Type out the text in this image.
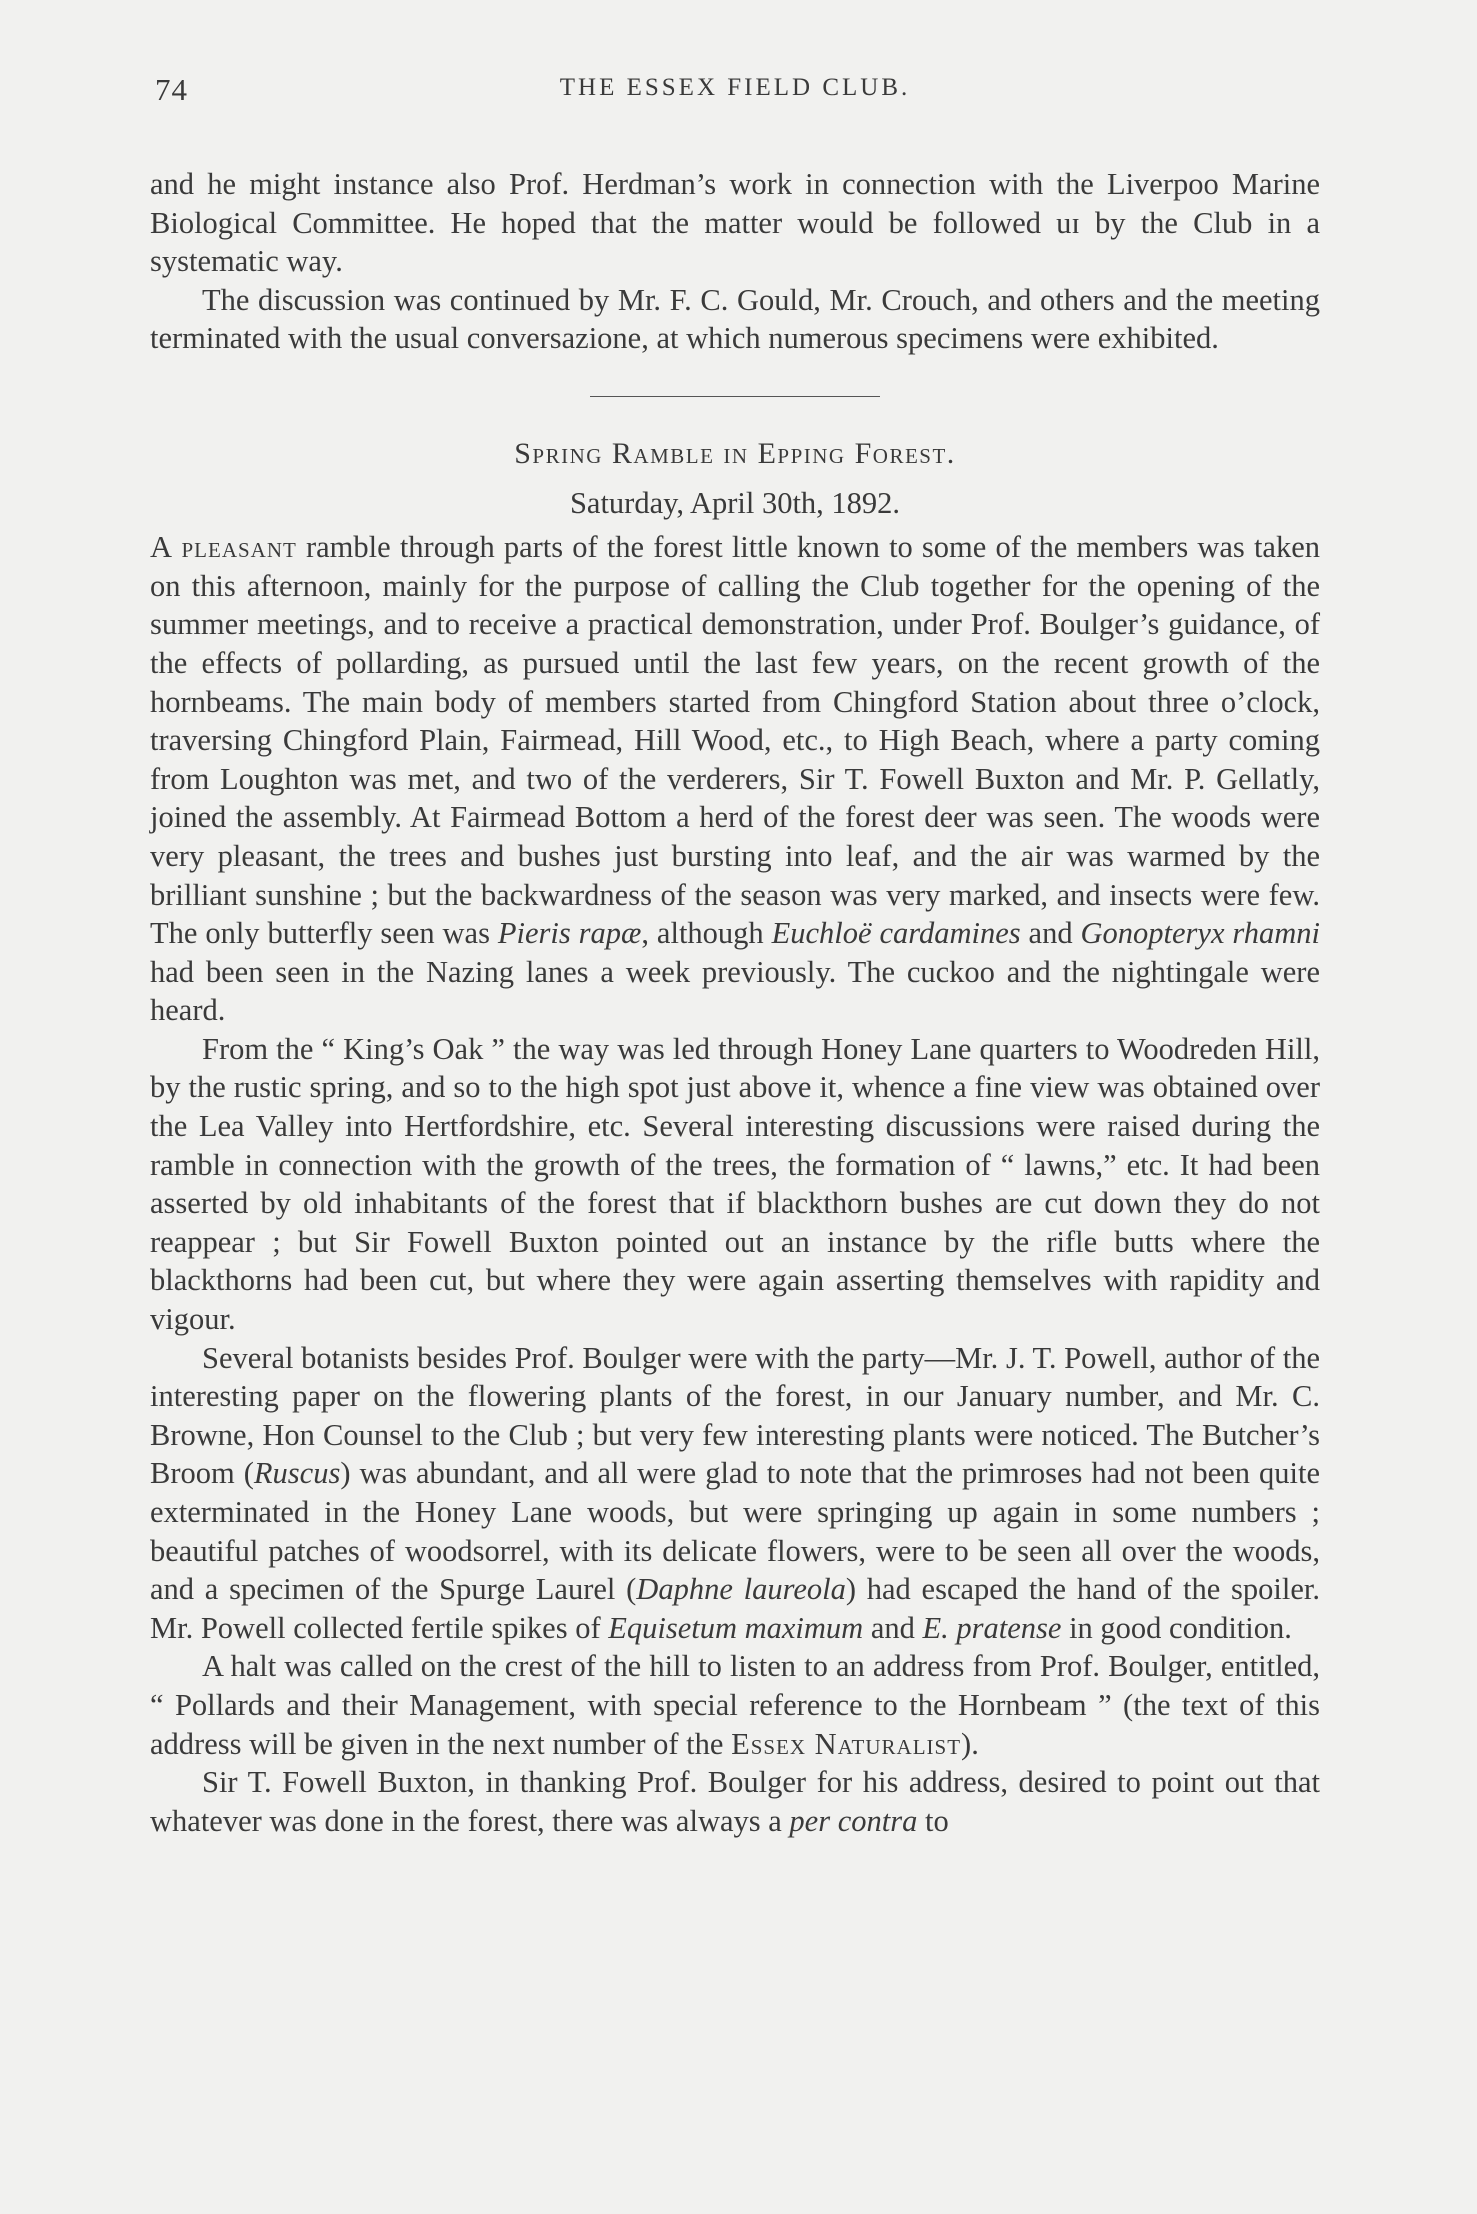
74	THE ESSEX FIELD CLUB.

and he might instance also Prof. Herdman’s work in connection with the Liverpoo Marine Biological Committee. He hoped that the matter would be followed uɪ by the Club in a systematic way.

The discussion was continued by Mr. F. C. Gould, Mr. Crouch, and others and the meeting terminated with the usual conversazione, at which numerous specimens were exhibited.

Spring Ramble in Epping Forest.
Saturday, April 30th, 1892.

A pleasant ramble through parts of the forest little known to some of the members was taken on this afternoon, mainly for the purpose of calling the Club together for the opening of the summer meetings, and to receive a practical demonstration, under Prof. Boulger’s guidance, of the effects of pollarding, as pursued until the last few years, on the recent growth of the hornbeams. The main body of members started from Chingford Station about three o’clock, traversing Chingford Plain, Fairmead, Hill Wood, etc., to High Beach, where a party coming from Loughton was met, and two of the verderers, Sir T. Fowell Buxton and Mr. P. Gellatly, joined the assembly. At Fairmead Bottom a herd of the forest deer was seen. The woods were very pleasant, the trees and bushes just bursting into leaf, and the air was warmed by the brilliant sunshine ; but the backwardness of the season was very marked, and insects were few. The only butterfly seen was Pieris rapæ, although Euchloë cardamines and Gonopteryx rhamni had been seen in the Nazing lanes a week previously. The cuckoo and the nightingale were heard.

From the “ King’s Oak ” the way was led through Honey Lane quarters to Woodreden Hill, by the rustic spring, and so to the high spot just above it, whence a fine view was obtained over the Lea Valley into Hertfordshire, etc. Several interesting discussions were raised during the ramble in connection with the growth of the trees, the formation of “ lawns,” etc. It had been asserted by old inhabitants of the forest that if blackthorn bushes are cut down they do not reappear ; but Sir Fowell Buxton pointed out an instance by the rifle butts where the blackthorns had been cut, but where they were again asserting themselves with rapidity and vigour.

Several botanists besides Prof. Boulger were with the party—Mr. J. T. Powell, author of the interesting paper on the flowering plants of the forest, in our January number, and Mr. C. Browne, Hon Counsel to the Club ; but very few interesting plants were noticed. The Butcher’s Broom (Ruscus) was abundant, and all were glad to note that the primroses had not been quite exterminated in the Honey Lane woods, but were springing up again in some numbers ; beautiful patches of woodsorrel, with its delicate flowers, were to be seen all over the woods, and a specimen of the Spurge Laurel (Daphne laureola) had escaped the hand of the spoiler. Mr. Powell collected fertile spikes of Equisetum maximum and E. pratense in good condition.

A halt was called on the crest of the hill to listen to an address from Prof. Boulger, entitled, “ Pollards and their Management, with special reference to the Hornbeam ” (the text of this address will be given in the next number of the Essex Naturalist).

Sir T. Fowell Buxton, in thanking Prof. Boulger for his address, desired to point out that whatever was done in the forest, there was always a per contra to
